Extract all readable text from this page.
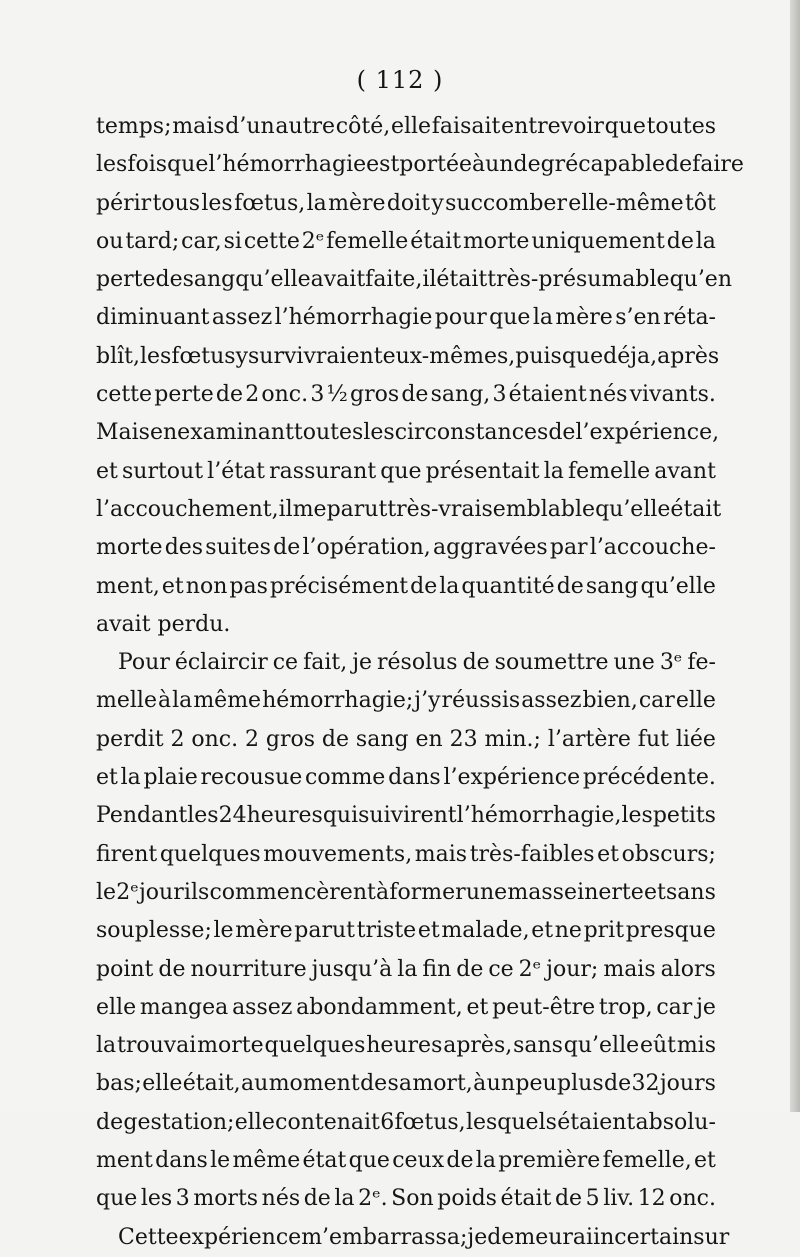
( 112 )
temps; mais d’un autre côté, elle faisait entrevoir que toutes
les fois que l’hémorrhagie est portée à un degré capable de faire
périr tous les fœtus, la mère doit y succomber elle-même tôt
ou tard; car, si cette 2ᵉ femelle était morte uniquement de la
perte de sang qu’elle avait faite, il était très-présumable qu’en
diminuant assez l’hémorrhagie pour que la mère s’en réta-
blît, les fœtus y survivraient eux-mêmes, puisque déja, après
cette perte de 2 onc. 3 ½ gros de sang, 3 étaient nés vivants.
Mais en examinant toutes les circonstances de l’expérience,
et surtout l’état rassurant que présentait la femelle avant
l’accouchement, il me parut très-vraisemblable qu’elle était
morte des suites de l’opération, aggravées par l’accouche-
ment, et non pas précisément de la quantité de sang qu’elle
avait perdu.
Pour éclaircir ce fait, je résolus de soumettre une 3ᵉ fe-
melle à la même hémorrhagie; j’y réussis assez bien, car elle
perdit 2 onc. 2 gros de sang en 23 min.; l’artère fut liée
et la plaie recousue comme dans l’expérience précédente.
Pendant les 24 heures qui suivirent l’hémorrhagie, les petits
firent quelques mouvements, mais très-faibles et obscurs;
le 2ᵉ jour ils commencèrent à former une masse inerte et sans
souplesse; le mère parut triste et malade, et ne prit presque
point de nourriture jusqu’à la fin de ce 2ᵉ jour; mais alors
elle mangea assez abondamment, et peut-être trop, car je
la trouvai morte quelques heures après, sans qu’elle eût mis
bas; elle était, au moment de sa mort, à un peu plus de 32 jours
de gestation; elle contenait 6 fœtus, lesquels étaient absolu-
ment dans le même état que ceux de la première femelle, et
que les 3 morts nés de la 2ᵉ. Son poids était de 5 liv. 12 onc.
Cette expérience m’embarrassa; je demeurai incertain sur
